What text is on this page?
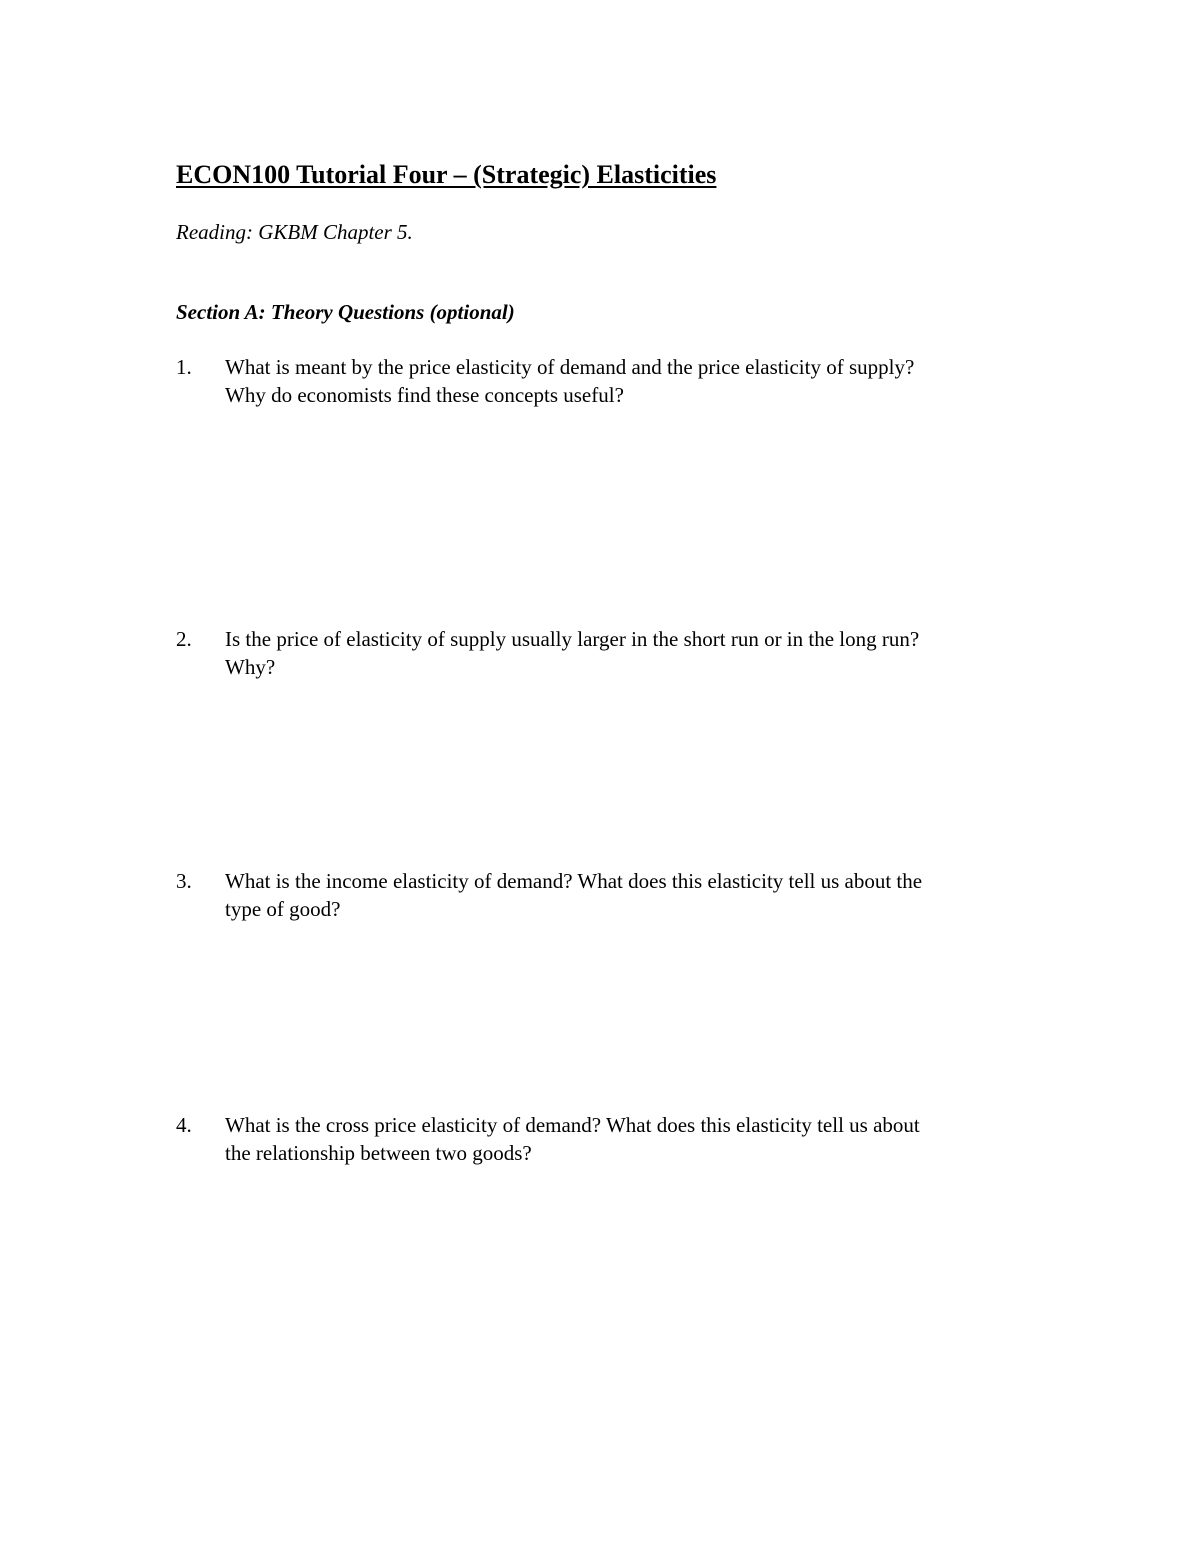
ECON100 Tutorial Four – (Strategic) Elasticities

Reading: GKBM Chapter 5.

Section A: Theory Questions (optional)
1.	What is meant by the price elasticity of demand and the price elasticity of supply?
Why do economists find these concepts useful?
2.	Is the price of elasticity of supply usually larger in the short run or in the long run?
Why?
3.	What is the income elasticity of demand? What does this elasticity tell us about the
type of good?
4.	What is the cross price elasticity of demand? What does this elasticity tell us about
the relationship between two goods?
